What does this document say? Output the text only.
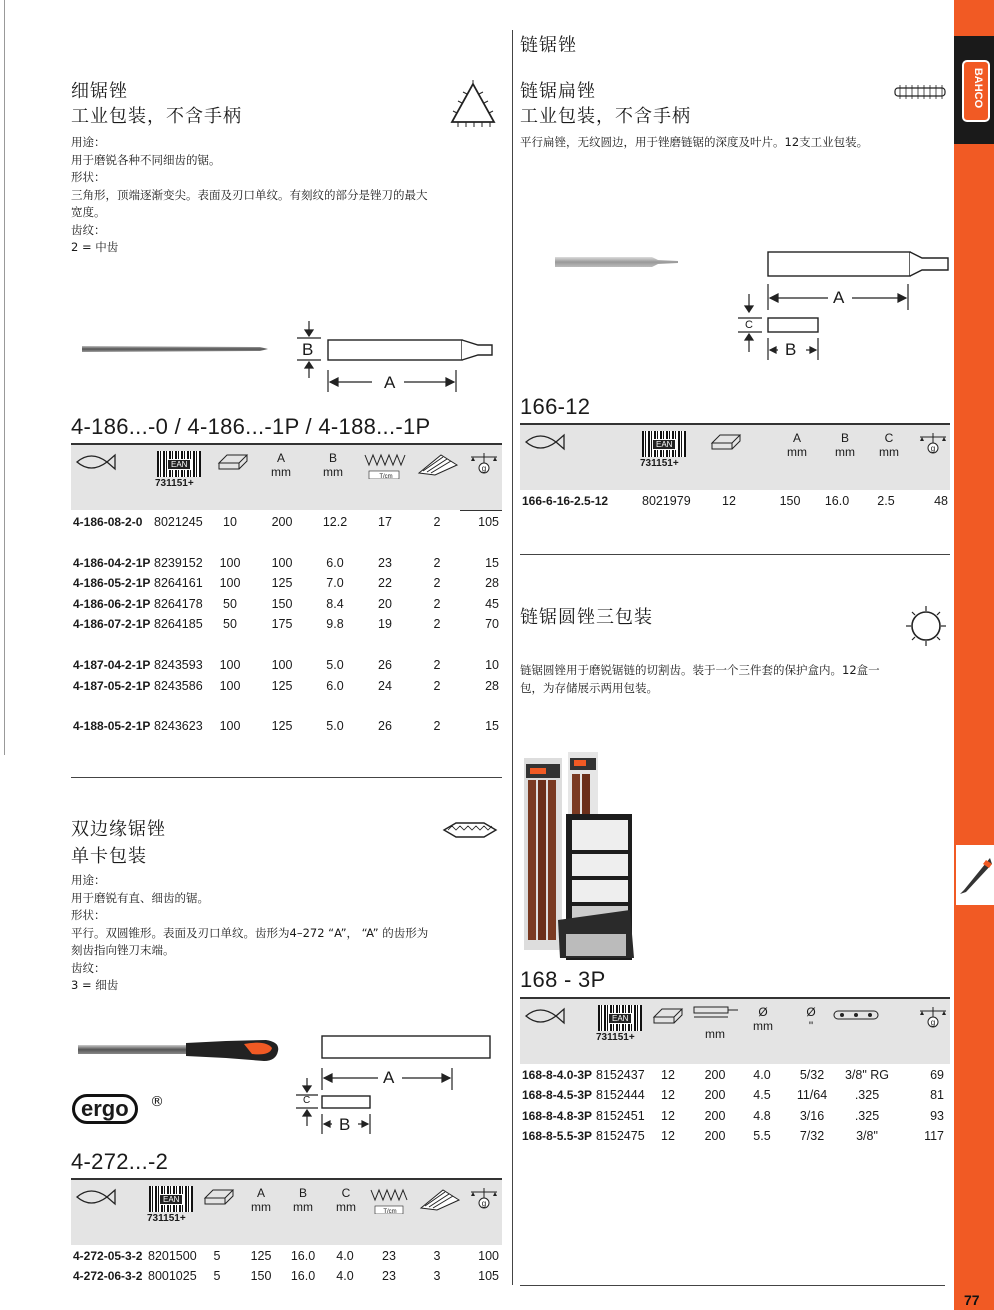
BAHCO
77
细锯锉
工业包装，不含手柄
用途：
用于磨锐各种不同细齿的锯。
形状：
三角形，顶端逐渐变尖。表面及刃口单纹。有刻纹的部分是锉刀的最大
宽度。
齿纹：
2 = 中齿
B
A
4-186...-0 / 4-186...-1P / 4-188...-1P
EAN
731151+
A
mm
B
mm	T/cm
g
4-186-08-2-0 8021245	10	200	12.2	17	2	105
4-186-04-2-1P 8239152	100	100	6.0	23	2	15
4-186-05-2-1P 8264161	100	125	7.0	22	2	28
4-186-06-2-1P 8264178	50	150	8.4	20	2	45
4-186-07-2-1P 8264185	50	175	9.8	19	2	70
4-187-04-2-1P 8243593	100	100	5.0	26	2	10
4-187-05-2-1P 8243586	100	125	6.0	24	2	28
4-188-05-2-1P 8243623	100	125	5.0	26	2	15
双边缘锯锉
单卡包装
用途：
用于磨锐有直、细齿的锯。
形状：
平行。双圆锥形。表面及刃口单纹。齿形为4–272 “A”， “A” 的齿形为
刻齿指向锉刀末端。
齿纹：
3 = 细齿
ergo	®
A
C
B
4-272...-2
EAN
731151+
A
mm
B
mm
C
mm	T/cm
g
4-272-05-3-2 8201500	5	125	16.0	4.0	23	3	100
4-272-06-3-2 8001025	5	150	16.0	4.0	23	3	105
链锯锉
链锯扁锉
工业包装，不含手柄
平行扁锉，无纹圆边，用于锉磨链锯的深度及叶片。12支工业包装。
A
C
B
166-12
EAN
731151+
A
mm
B
mm
C
mm	g
166-6-16-2.5-12	8021979	12	150	16.0	2.5	48
链锯圆锉三包装
链锯圆锉用于磨锐锯链的切割齿。装于一个三件套的保护盒内。12盒一
包，为存储展示两用包装。
168 - 3P
EAN
731151+	mm
Ø
mm
Ø
"	g
168-8-4.0-3P 8152437	12	200	4.0	5/32	3/8" RG	69
168-8-4.5-3P 8152444	12	200	4.5	11/64	.325	81
168-8-4.8-3P 8152451	12	200	4.8	3/16	.325	93
168-8-5.5-3P 8152475	12	200	5.5	7/32	3/8"	117
